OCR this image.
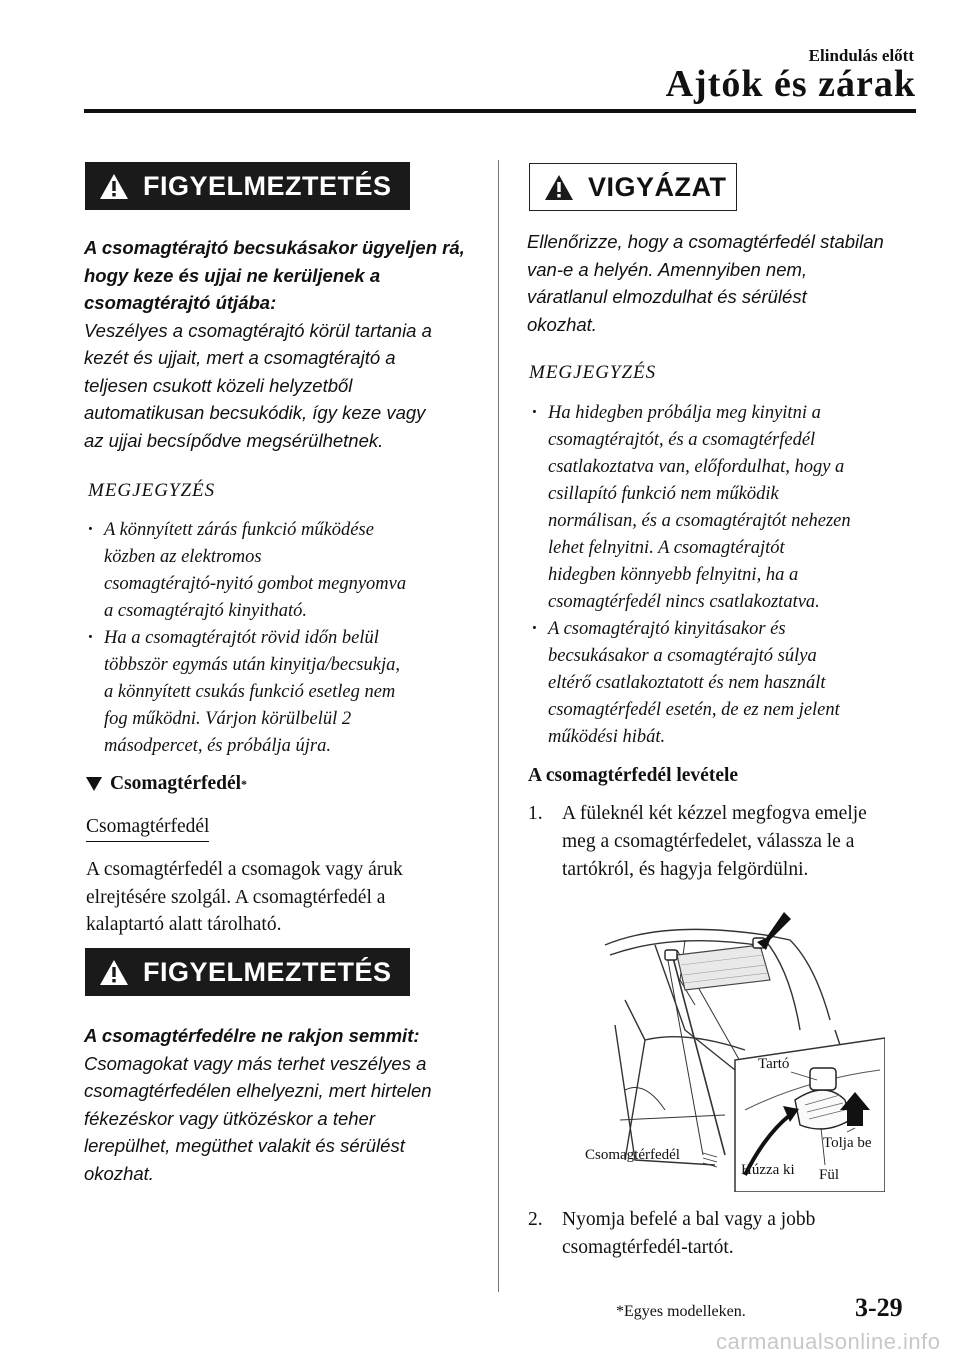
Elindulás előtt
Ajtók és zárak
FIGYELMEZTETÉS

A csomagtérajtó becsukásakor ügyeljen rá,

hogy keze és ujjai ne kerüljenek a

csomagtérajtó útjába:

Veszélyes a csomagtérajtó körül tartania a

kezét és ujjait, mert a csomagtérajtó a

teljesen csukott közeli helyzetből

automatikusan becsukódik, így keze vagy

az ujjai becsípődve megsérülhetnek.

MEGJEGYZÉS
· A könnyített zárás funkció működése
közben az elektromos
csomagtérajtó-nyitó gombot megnyomva
a csomagtérajtó kinyitható.
· Ha a csomagtérajtót rövid időn belül
többször egymás után kinyitja/becsukja,
a könnyített csukás funkció esetleg nem
fog működni. Várjon körülbelül 2
másodpercet, és próbálja újra.
Csomagtérfedél *
Csomagtérfedél

A csomagtérfedél a csomagok vagy áruk

elrejtésére szolgál. A csomagtérfedél a

kalaptartó alatt tárolható.

FIGYELMEZTETÉS

A csomagtérfedélre ne rakjon semmit:

Csomagokat vagy más terhet veszélyes a

csomagtérfedélen elhelyezni, mert hirtelen

fékezéskor vagy ütközéskor a teher

lerepülhet, megüthet valakit és sérülést

okozhat.

VIGYÁZAT

Ellenőrizze, hogy a csomagtérfedél stabilan

van-e a helyén. Amennyiben nem,

váratlanul elmozdulhat és sérülést

okozhat.

MEGJEGYZÉS
· Ha hidegben próbálja meg kinyitni a
csomagtérajtót, és a csomagtérfedél
csatlakoztatva van, előfordulhat, hogy a
csillapító funkció nem működik
normálisan, és a csomagtérajtót nehezen
lehet felnyitni. A csomagtérajtót
hidegben könnyebb felnyitni, ha a
csomagtérfedél nincs csatlakoztatva.
· A csomagtérajtó kinyitásakor és
becsukásakor a csomagtérajtó súlya
eltérő csatlakoztatott és nem használt
csomagtérfedél esetén, de ez nem jelent
működési hibát.
A csomagtérfedél levétele
1. A füleknél két kézzel megfogva emelje
meg a csomagtérfedelet, válassza le a
tartókról, és hagyja felgördülni.
Tartó
Csomagtérfedél
Húzza ki
Tolja be
Fül
2. Nyomja befelé a bal vagy a jobb
csomagtérfedél-tartót.
*Egyes modelleken.	3-29
carmanualsonline.info
